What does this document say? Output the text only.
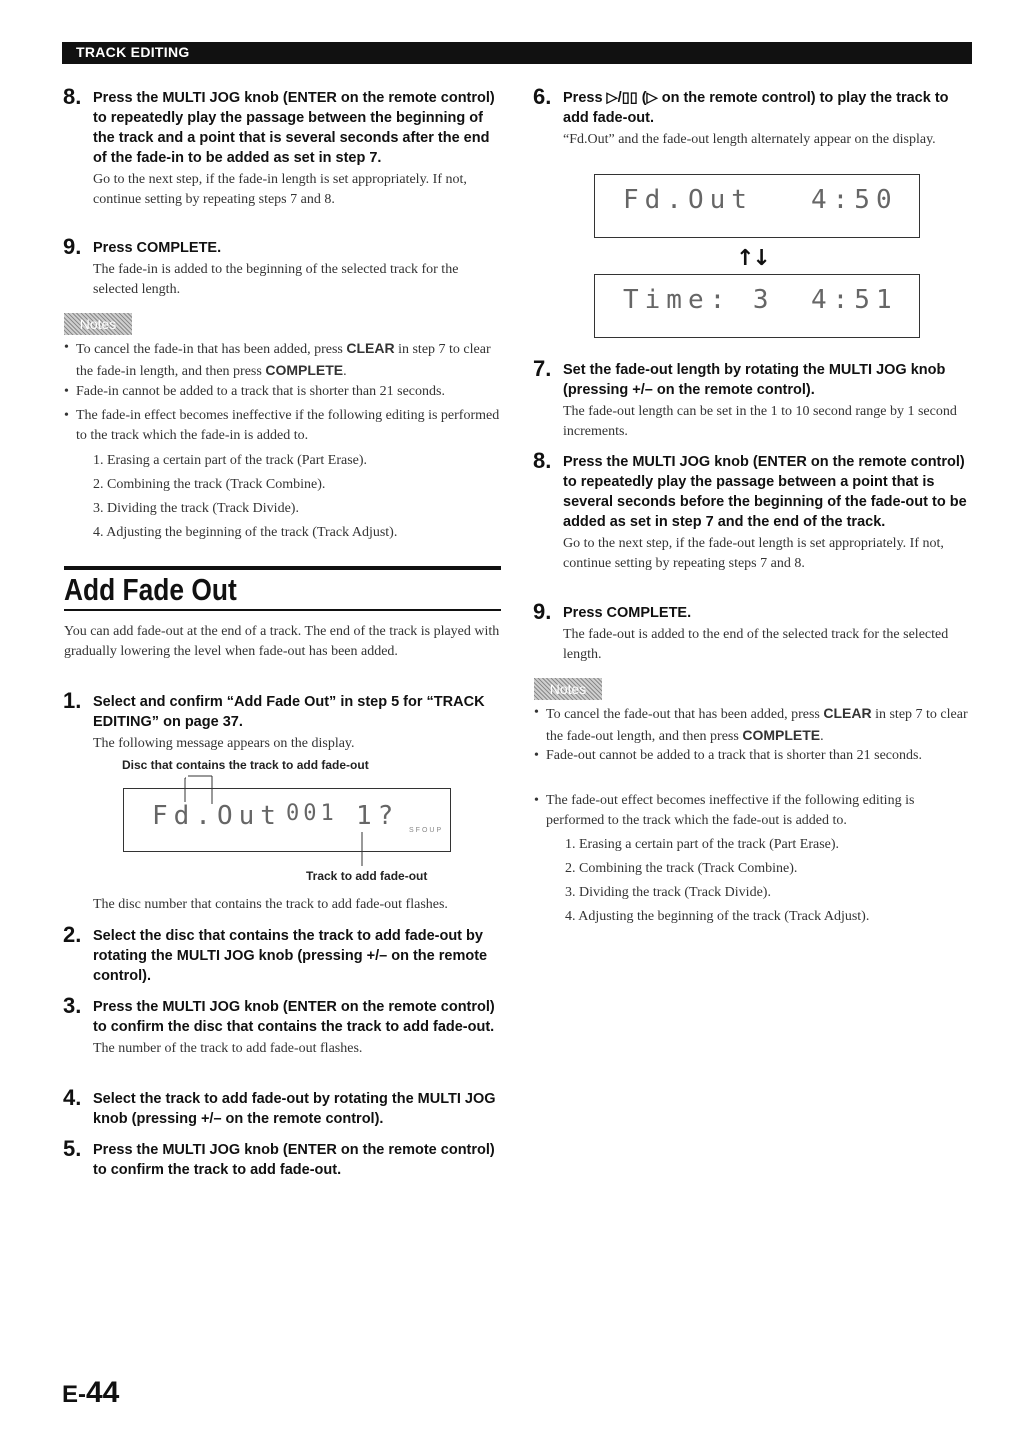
TRACK EDITING
8. Press the MULTI JOG knob (ENTER on the remote control) to repeatedly play the passage between the beginning of the track and a point that is several seconds after the end of the fade-in to be added as set in step 7.
Go to the next step, if the fade-in length is set appropriately. If not, continue setting by repeating steps 7 and 8.
9. Press COMPLETE.
The fade-in is added to the beginning of the selected track for the selected length.
Notes
• To cancel the fade-in that has been added, press CLEAR in step 7 to clear the fade-in length, and then press COMPLETE.
• Fade-in cannot be added to a track that is shorter than 21 seconds.
• The fade-in effect becomes ineffective if the following editing is performed to the track which the fade-in is added to.
1. Erasing a certain part of the track (Part Erase).
2. Combining the track (Track Combine).
3. Dividing the track (Track Divide).
4. Adjusting the beginning of the track (Track Adjust).
Add Fade Out
You can add fade-out at the end of a track. The end of the track is played with gradually lowering the level when fade-out has been added.
1. Select and confirm “Add Fade Out” in step 5 for “TRACK EDITING” on page 37.
The following message appears on the display.
Disc that contains the track to add fade-out
Fd.Out 001 1? SFOUP
Track to add fade-out
The disc number that contains the track to add fade-out flashes.
2. Select the disc that contains the track to add fade-out by rotating the MULTI JOG knob (pressing +/– on the remote control).
3. Press the MULTI JOG knob (ENTER on the remote control) to confirm the disc that contains the track to add fade-out.
The number of the track to add fade-out flashes.
4. Select the track to add fade-out by rotating the MULTI JOG knob (pressing +/– on the remote control).
5. Press the MULTI JOG knob (ENTER on the remote control) to confirm the track to add fade-out.
6. Press ▷/▯▯ (▷ on the remote control) to play the track to add fade-out.
“Fd.Out” and the fade-out length alternately appear on the display.
Fd.Out 4:50
↑↓
Time: 3 4:51
7. Set the fade-out length by rotating the MULTI JOG knob (pressing +/– on the remote control).
The fade-out length can be set in the 1 to 10 second range by 1 second increments.
8. Press the MULTI JOG knob (ENTER on the remote control) to repeatedly play the passage between a point that is several seconds before the beginning of the fade-out to be added as set in step 7 and the end of the track.
Go to the next step, if the fade-out length is set appropriately. If not, continue setting by repeating steps 7 and 8.
9. Press COMPLETE.
The fade-out is added to the end of the selected track for the selected length.
Notes
• To cancel the fade-out that has been added, press CLEAR in step 7 to clear the fade-out length, and then press COMPLETE.
• Fade-out cannot be added to a track that is shorter than 21 seconds.
• The fade-out effect becomes ineffective if the following editing is performed to the track which the fade-out is added to.
1. Erasing a certain part of the track (Part Erase).
2. Combining the track (Track Combine).
3. Dividing the track (Track Divide).
4. Adjusting the beginning of the track (Track Adjust).
E-44
